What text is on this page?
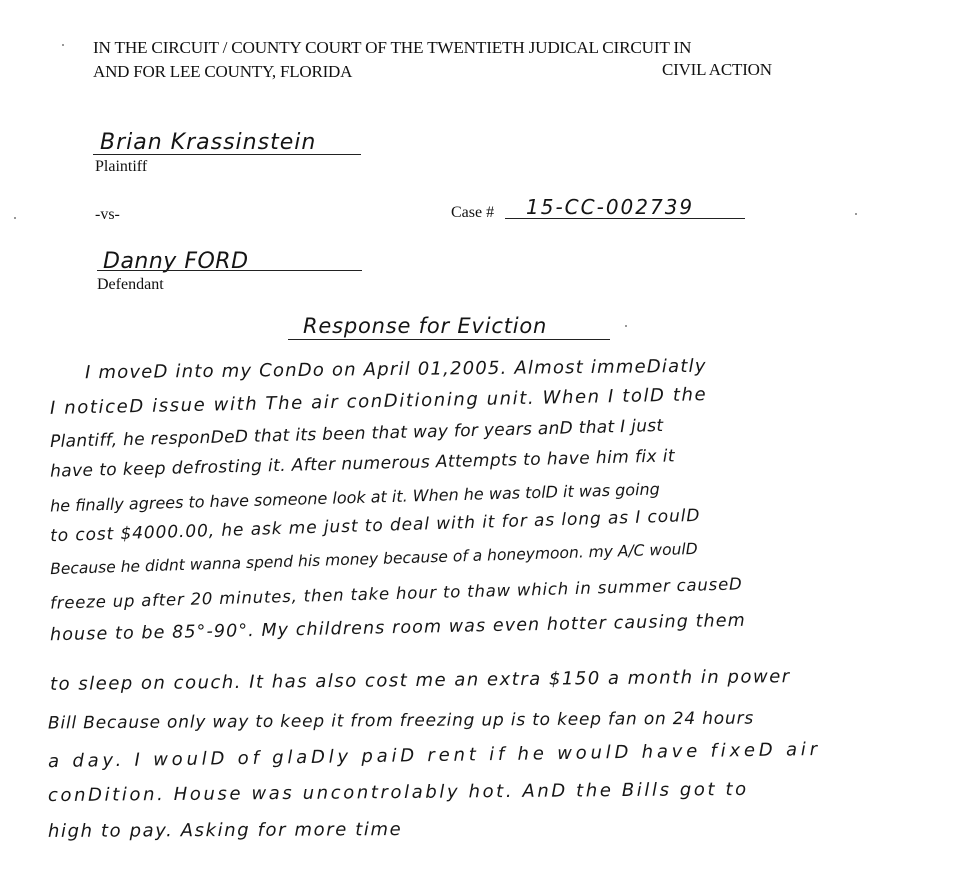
IN THE CIRCUIT / COUNTY COURT OF THE TWENTIETH JUDICAL CIRCUIT IN
AND FOR LEE COUNTY, FLORIDA	CIVIL ACTION
Brian Krassinstein
Plaintiff
-vs-	Case # 15-CC-002739
Danny FORD
Defendant
Response for Eviction
I moveD into my ConDo on April 01,2005. Almost immeDiatly
I noticeD issue with The air conDitioning unit. When I tolD the
Plantiff, he responDeD that its been that way for years anD that I just
have to keep defrosting it. After numerous Attempts to have him fix it
he finally agrees to have someone look at it. When he was tolD it was going
to cost $4000.00, he ask me just to deal with it for as long as I coulD
Because he didnt wanna spend his money because of a honeymoon. my A/C woulD
freeze up after 20 minutes, then take hour to thaw which in summer causeD
house to be 85°-90°. My childrens room was even hotter causing them
to sleep on couch. It has also cost me an extra $150 a month in power
Bill Because only way to keep it from freezing up is to keep fan on 24 hours
a day. I woulD of glaDly paiD rent if he woulD have fixeD air
conDition. House was uncontrolably hot. AnD the Bills got to
high to pay. Asking for more time
